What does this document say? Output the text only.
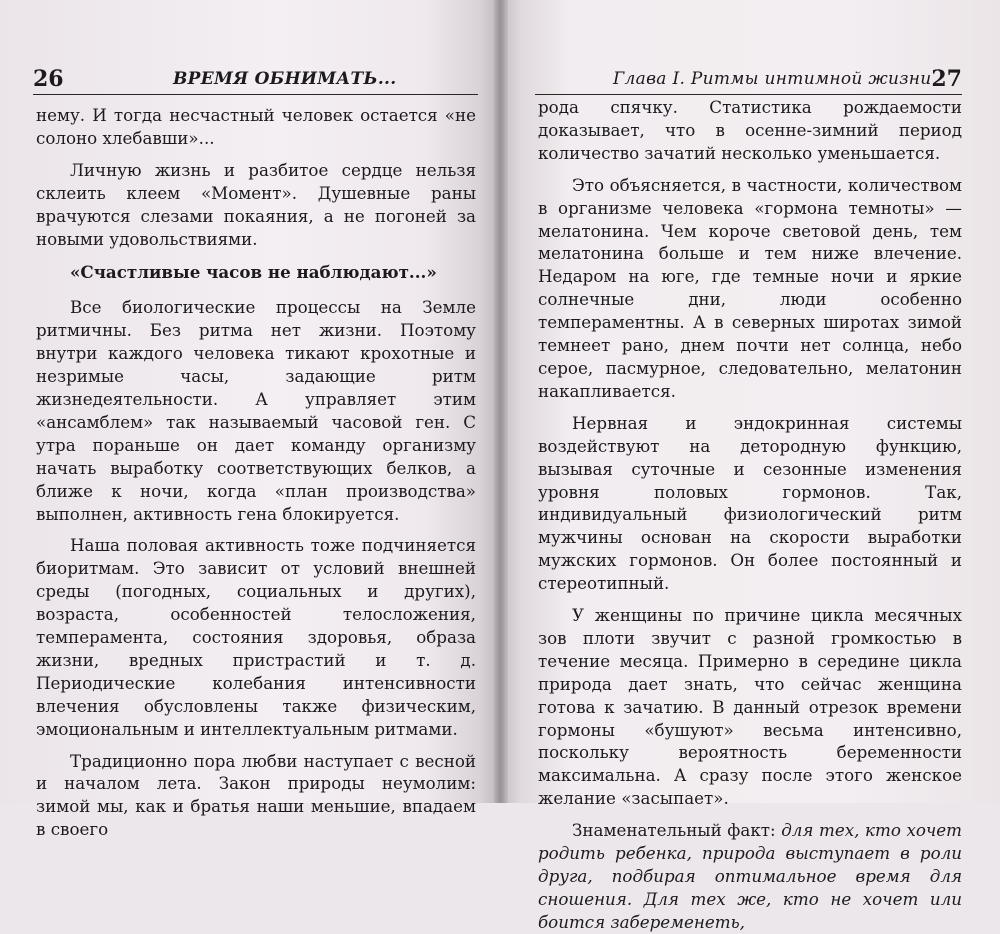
26	ВРЕМЯ ОБНИМАТЬ...

нему. И тогда несчастный человек остается «не солоно хлебавши»...

Личную жизнь и разбитое сердце нельзя склеить клеем «Момент». Душевные раны врачуются слезами покаяния, а не погоней за новыми удовольствиями.

«Счастливые часов не наблюдают...»

Все биологические процессы на Земле ритмичны. Без ритма нет жизни. Поэтому внутри каждого человека тикают крохотные и незримые часы, задающие ритм жизнедеятельности. А управляет этим «ансамблем» так называемый часовой ген. С утра пораньше он дает команду организму начать выработку соответствующих белков, а ближе к ночи, когда «план производства» выполнен, активность гена блокируется.

Наша половая активность тоже подчиняется биоритмам. Это зависит от условий внешней среды (погодных, социальных и других), возраста, особенностей телосложения, темперамента, состояния здоровья, образа жизни, вредных пристрастий и т. д. Периодические колебания интенсивности влечения обусловлены также физическим, эмоциональным и интеллектуальным ритмами.

Традиционно пора любви наступает с весной и началом лета. Закон природы неумолим: зимой мы, как и братья наши меньшие, впадаем в своего

Глава I. Ритмы интимной жизни 27

рода спячку. Статистика рождаемости доказывает, что в осенне-зимний период количество зачатий несколько уменьшается.

Это объясняется, в частности, количеством в организме человека «гормона темноты» — мелатонина. Чем короче световой день, тем мелатонина больше и тем ниже влечение. Недаром на юге, где темные ночи и яркие солнечные дни, люди особенно темпераментны. А в северных широтах зимой темнеет рано, днем почти нет солнца, небо серое, пасмурное, следовательно, мелатонин накапливается.

Нервная и эндокринная системы воздействуют на детородную функцию, вызывая суточные и сезонные изменения уровня половых гормонов. Так, индивидуальный физиологический ритм мужчины основан на скорости выработки мужских гормонов. Он более постоянный и стереотипный.

У женщины по причине цикла месячных зов плоти звучит с разной громкостью в течение месяца. Примерно в середине цикла природа дает знать, что сейчас женщина готова к зачатию. В данный отрезок времени гормоны «бушуют» весьма интенсивно, поскольку вероятность беременности максимальна. А сразу после этого женское желание «засыпает».

Знаменательный факт: для тех, кто хочет родить ребенка, природа выступает в роли друга, подбирая оптимальное время для сношения. Для тех же, кто не хочет или боится забеременеть,
